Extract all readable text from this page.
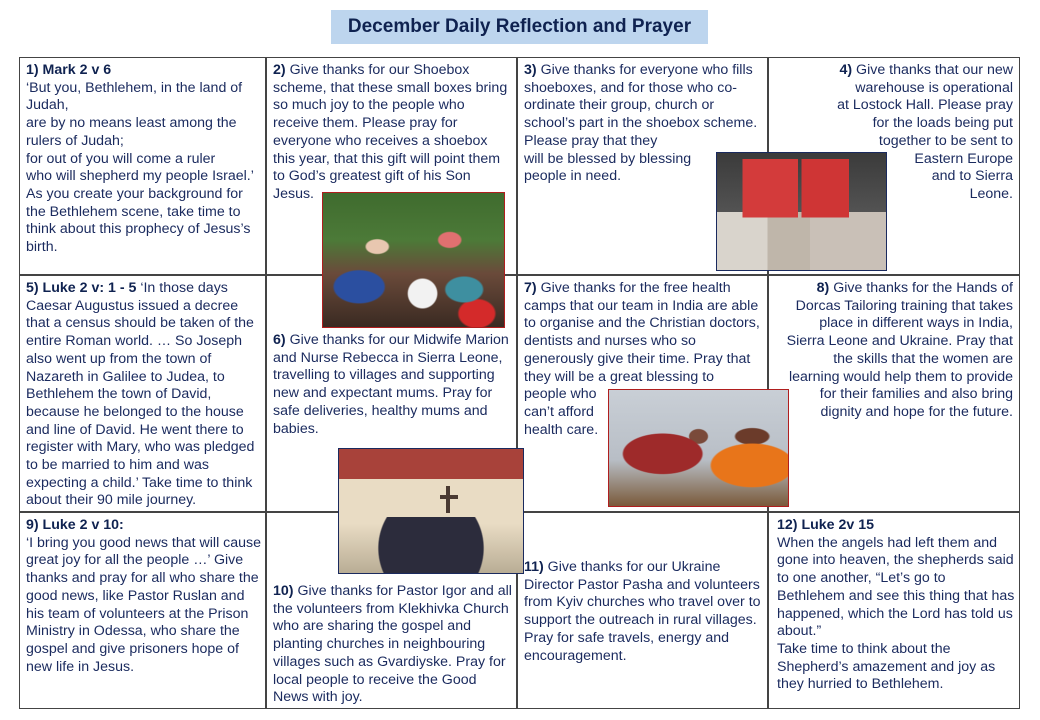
December Daily Reflection and Prayer
1) Mark 2 v 6
‘But you, Bethlehem, in the land of Judah,
are by no means least among the rulers of Judah;
for out of you will come a ruler
who will shepherd my people Israel.’
As you create your background for the Bethlehem scene, take time to think about this prophecy of Jesus’s birth.
2) Give thanks for our Shoebox scheme, that these small boxes bring so much joy to the people who receive them. Please pray for everyone who receives a shoebox this year, that this gift will point them to God’s greatest gift of his Son Jesus.
3) Give thanks for everyone who fills shoeboxes, and for those who co-ordinate their group, church or school’s part in the shoebox scheme. Please pray that they
will be blessed by blessing
people in need.
4) Give thanks that our new
warehouse is operational
at Lostock Hall. Please pray
for the loads being put
together to be sent to
Eastern Europe
and to Sierra
Leone.
5) Luke 2 v: 1 - 5 ‘In those days Caesar Augustus issued a decree that a census should be taken of the entire Roman world. … So Joseph also went up from the town of Nazareth in Galilee to Judea, to Bethlehem the town of David, because he belonged to the house and line of David. He went there to register with Mary, who was pledged to be married to him and was expecting a child.’ Take time to think about their 90 mile journey.
6) Give thanks for our Midwife Marion and Nurse Rebecca in Sierra Leone, travelling to villages and supporting new and expectant mums. Pray for safe deliveries, healthy mums and babies.
7) Give thanks for the free health camps that our team in India are able to organise and the Christian doctors, dentists and nurses who so generously give their time. Pray that they will be a great blessing to
people who
can’t afford
health care.
8) Give thanks for the Hands of
Dorcas Tailoring training that takes
place in different ways in India,
Sierra Leone and Ukraine. Pray that
the skills that the women are
learning would help them to provide
for their families and also bring
dignity and hope for the future.
9) Luke 2 v 10:
‘I bring you good news that will cause great joy for all the people …’ Give thanks and pray for all who share the good news, like Pastor Ruslan and his team of volunteers at the Prison Ministry in Odessa, who share the gospel and give prisoners hope of new life in Jesus.
10) Give thanks for Pastor Igor and all the volunteers from Klekhivka Church who are sharing the gospel and planting churches in neighbouring villages such as Gvardiyske. Pray for local people to receive the Good News with joy.
11) Give thanks for our Ukraine Director Pastor Pasha and volunteers from Kyiv churches who travel over to support the outreach in rural villages. Pray for safe travels, energy and encouragement.
12) Luke 2v 15
When the angels had left them and gone into heaven, the shepherds said to one another, “Let’s go to Bethlehem and see this thing that has happened, which the Lord has told us about.”
Take time to think about the Shepherd’s amazement and joy as they hurried to Bethlehem.
